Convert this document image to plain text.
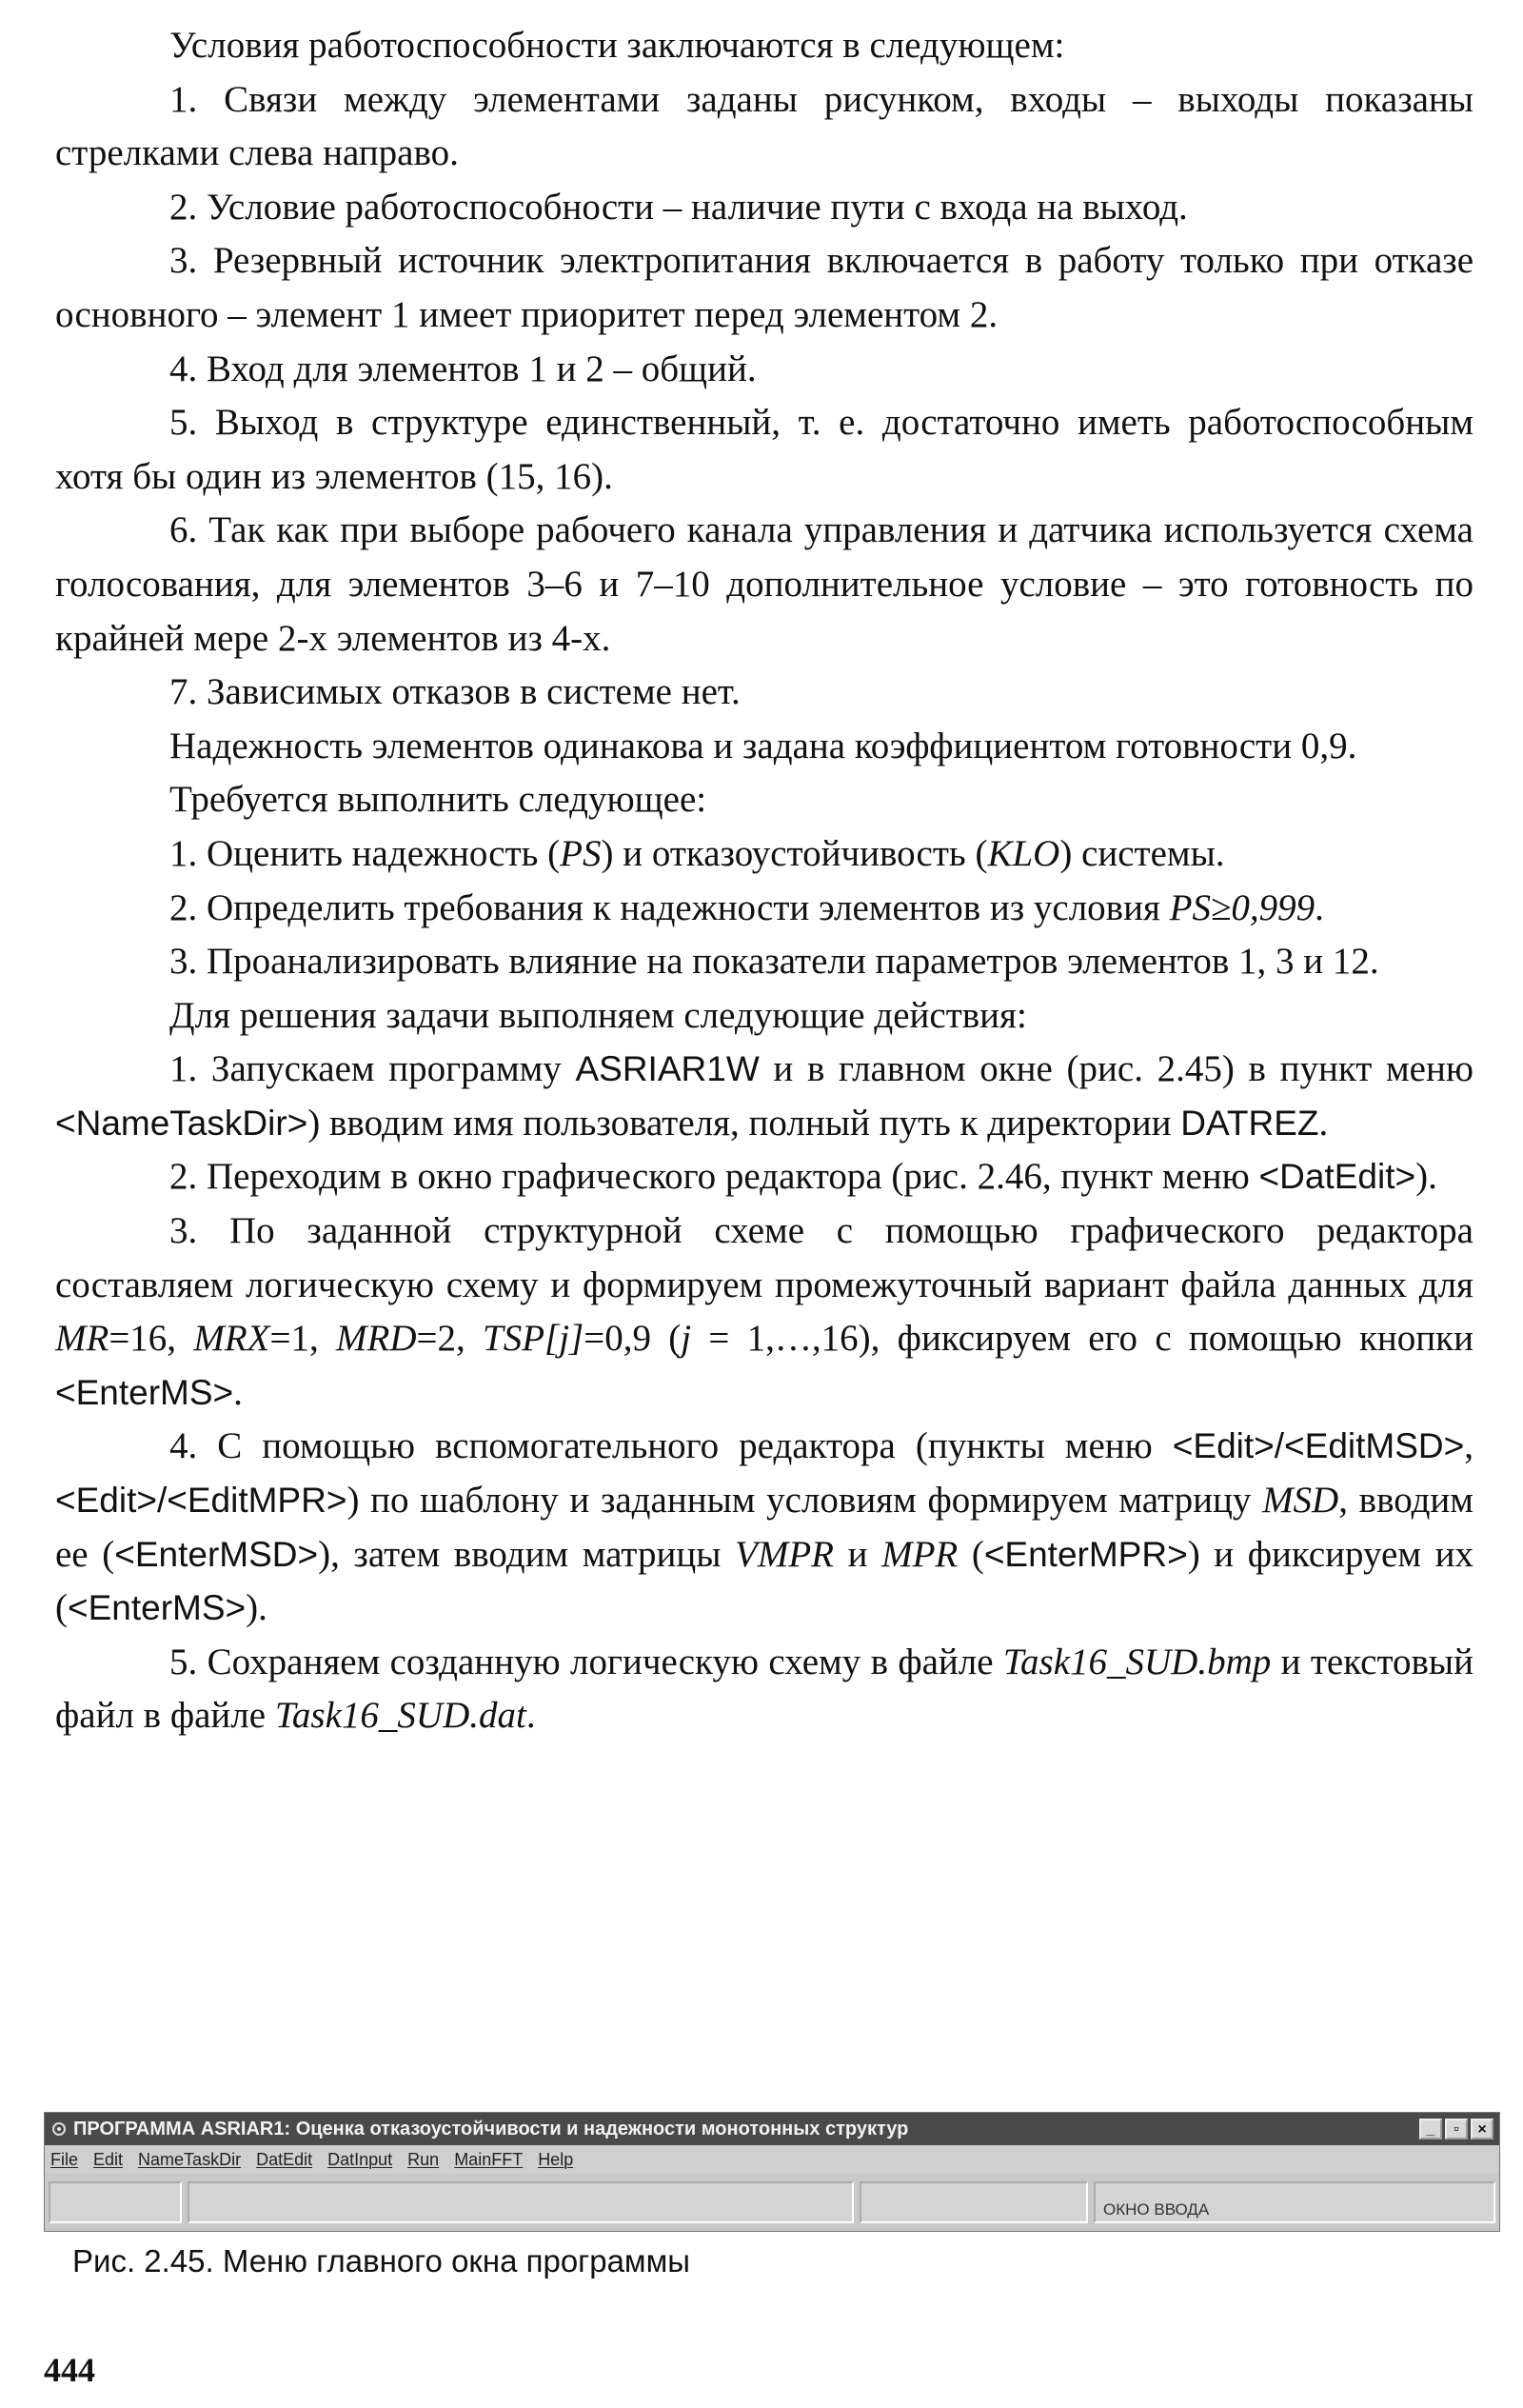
Условия работоспособности заключаются в следующем:

1. Связи между элементами заданы рисунком, входы – выходы показаны стрелками слева направо.

2. Условие работоспособности – наличие пути с входа на выход.

3. Резервный источник электропитания включается в работу только при отказе основного – элемент 1 имеет приоритет перед элементом 2.

4. Вход для элементов 1 и 2 – общий.

5. Выход в структуре единственный, т. е. достаточно иметь работоспособным хотя бы один из элементов (15, 16).

6. Так как при выборе рабочего канала управления и датчика используется схема голосования, для элементов 3–6 и 7–10 дополнительное условие – это готовность по крайней мере 2-х элементов из 4-х.

7. Зависимых отказов в системе нет.

Надежность элементов одинакова и задана коэффициентом готовности 0,9.

Требуется выполнить следующее:

1. Оценить надежность (PS) и отказоустойчивость (KLO) системы.

2. Определить требования к надежности элементов из условия PS≥0,999.

3. Проанализировать влияние на показатели параметров элементов 1, 3 и 12.

Для решения задачи выполняем следующие действия:

1. Запускаем программу ASRIAR1W и в главном окне (рис. 2.45) в пункт меню <NameTaskDir>) вводим имя пользователя, полный путь к директории DATREZ.

2. Переходим в окно графического редактора (рис. 2.46, пункт меню <DatEdit>).

3. По заданной структурной схеме с помощью графического редактора составляем логическую схему и формируем промежуточный вариант файла данных для MR=16, MRX=1, MRD=2, TSP[j]=0,9 (j = 1,…,16), фиксируем его с помощью кнопки <EnterMS>.

4. С помощью вспомогательного редактора (пункты меню <Edit>/<EditMSD>, <Edit>/<EditMPR>) по шаблону и заданным условиям формируем матрицу MSD, вводим ее (<EnterMSD>), затем вводим матрицы VMPR и MPR (<EnterMPR>) и фиксируем их (<EnterMS>).

5. Сохраняем созданную логическую схему в файле Task16_SUD.bmp и текстовый файл в файле Task16_SUD.dat.

ПРОГРАММА ASRIAR1: Оценка отказоустойчивости и надежности монотонных структур	_	▫	×
File Edit NameTaskDir DatEdit DatInput Run MainFFT Help
ОКНО ВВОДА
Рис. 2.45. Меню главного окна программы
444
